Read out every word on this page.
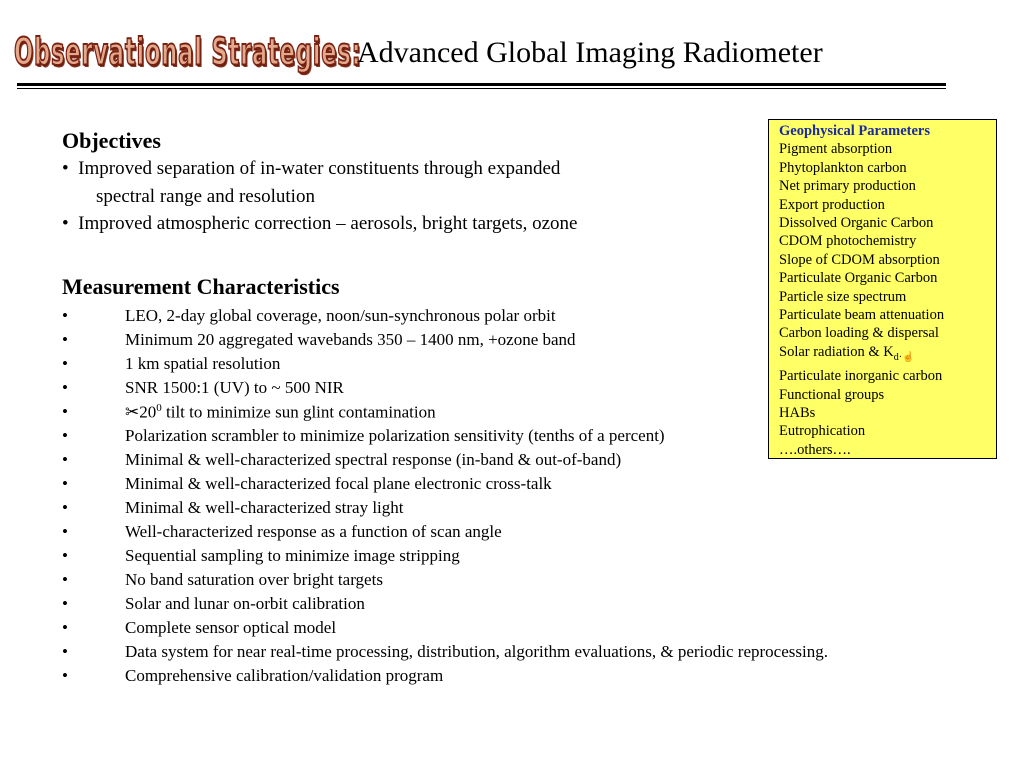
Observational Strategies:
Advanced Global Imaging Radiometer
Objectives
• Improved separation of in-water constituents through expanded
spectral range and resolution
• Improved atmospheric correction – aerosols, bright targets, ozone
Measurement Characteristics
•	LEO, 2-day global coverage, noon/sun-synchronous polar orbit
•	Minimum 20 aggregated wavebands 350 – 1400 nm, +ozone band
•	1 km spatial resolution
•	SNR 1500:1 (UV) to ~ 500 NIR
•	$✂20^0$ tilt to minimize sun glint contamination
•	Polarization scrambler to minimize polarization sensitivity (tenths of a percent)
•	Minimal & well-characterized spectral response (in-band & out-of-band)
•	Minimal & well-characterized focal plane electronic cross-talk
•	Minimal & well-characterized stray light
•	Well-characterized response as a function of scan angle
•	Sequential sampling to minimize image stripping
•	No band saturation over bright targets
•	Solar and lunar on-orbit calibration
•	Complete sensor optical model
•	Data system for near real-time processing, distribution, algorithm evaluations, & periodic reprocessing.
•	Comprehensive calibration/validation program
Geophysical Parameters
Pigment absorption
Phytoplankton carbon
Net primary production
Export production
Dissolved Organic Carbon
CDOM photochemistry
Slope of CDOM absorption
Particulate Organic Carbon
Particle size spectrum
Particulate beam attenuation
Carbon loading & dispersal
Solar radiation & $K_{d\cdot☝}$
Particulate inorganic carbon
Functional groups
HABs
Eutrophication
….others….
